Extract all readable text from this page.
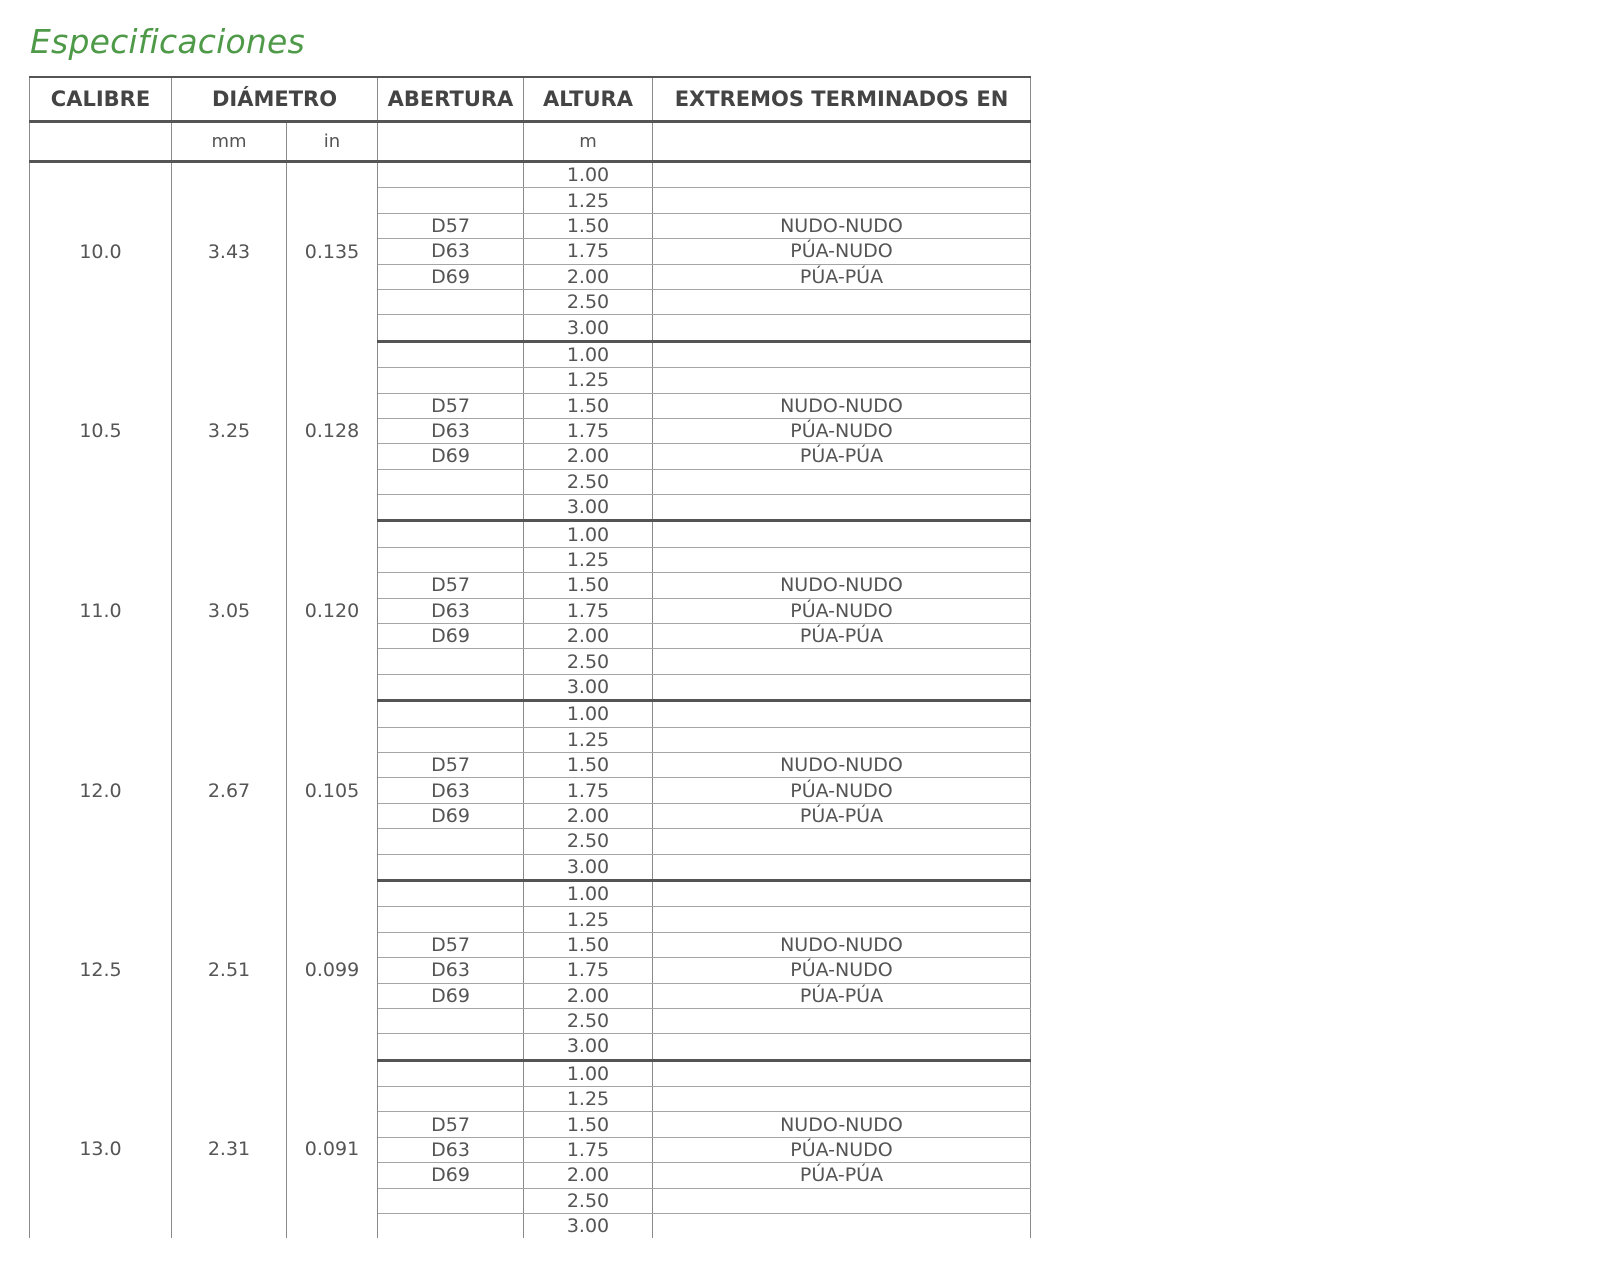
Especificaciones
CALIBRE	DIÁMETRO		ABERTURA	ALTURA	EXTREMOS TERMINADOS EN
	mm	in		m	
10.0	3.43	0.135		1.00	
				1.25	
			D57	1.50	NUDO-NUDO
			D63	1.75	PÚA-NUDO
			D69	2.00	PÚA-PÚA
				2.50	
				3.00	
10.5	3.25	0.128		1.00	
				1.25	
			D57	1.50	NUDO-NUDO
			D63	1.75	PÚA-NUDO
			D69	2.00	PÚA-PÚA
				2.50	
				3.00	
11.0	3.05	0.120		1.00	
				1.25	
			D57	1.50	NUDO-NUDO
			D63	1.75	PÚA-NUDO
			D69	2.00	PÚA-PÚA
				2.50	
				3.00	
12.0	2.67	0.105		1.00	
				1.25	
			D57	1.50	NUDO-NUDO
			D63	1.75	PÚA-NUDO
			D69	2.00	PÚA-PÚA
				2.50	
				3.00	
12.5	2.51	0.099		1.00	
				1.25	
			D57	1.50	NUDO-NUDO
			D63	1.75	PÚA-NUDO
			D69	2.00	PÚA-PÚA
				2.50	
				3.00	
13.0	2.31	0.091		1.00	
				1.25	
			D57	1.50	NUDO-NUDO
			D63	1.75	PÚA-NUDO
			D69	2.00	PÚA-PÚA
				2.50	
				3.00	
